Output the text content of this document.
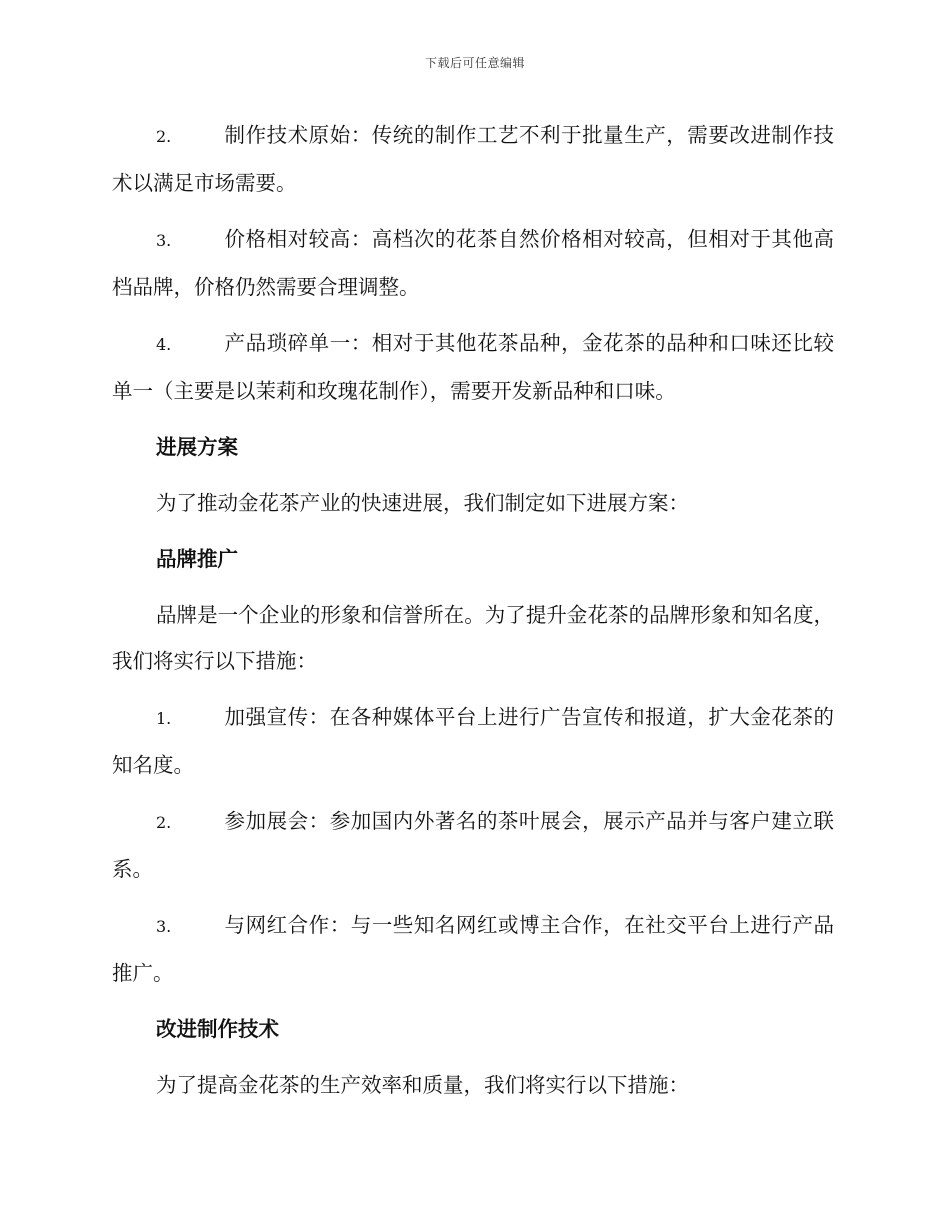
下载后可任意编辑

2.	制作技术原始：传统的制作工艺不利于批量生产，需要改进制作技术以满足市场需要。

3.	价格相对较高：高档次的花茶自然价格相对较高，但相对于其他高档品牌，价格仍然需要合理调整。

4.	产品琐碎单一：相对于其他花茶品种，金花茶的品种和口味还比较单一（主要是以茉莉和玫瑰花制作），需要开发新品种和口味。

进展方案

为了推动金花茶产业的快速进展，我们制定如下进展方案：

品牌推广

品牌是一个企业的形象和信誉所在。为了提升金花茶的品牌形象和知名度，我们将实行以下措施：

1.	加强宣传：在各种媒体平台上进行广告宣传和报道，扩大金花茶的知名度。

2.	参加展会：参加国内外著名的茶叶展会，展示产品并与客户建立联系。

3.	与网红合作：与一些知名网红或博主合作，在社交平台上进行产品推广。

改进制作技术

为了提高金花茶的生产效率和质量，我们将实行以下措施：
